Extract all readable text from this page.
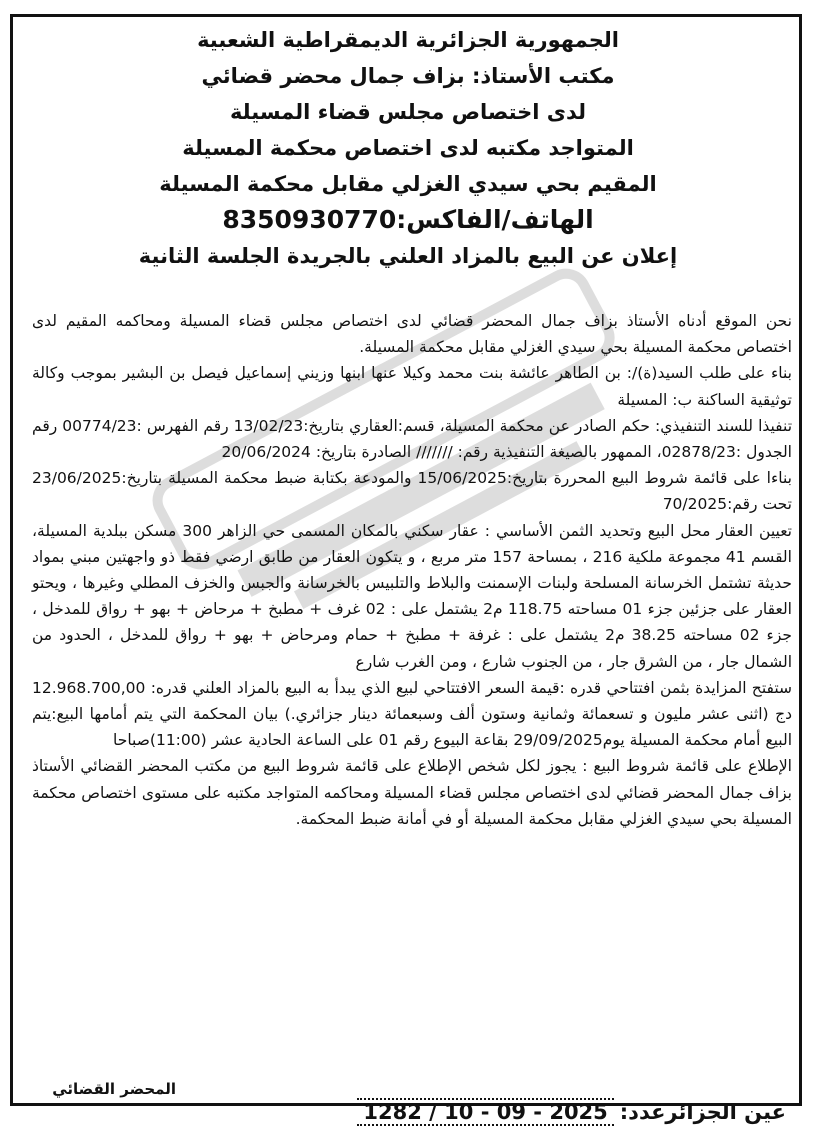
الجمهورية الجزائرية الديمقراطية الشعبية
مكتب الأستاذ: بزاف جمال محضر قضائي
لدى اختصاص مجلس قضاء المسيلة
المتواجد مكتبه لدى اختصاص محكمة المسيلة
المقيم بحي سيدي الغزلي مقابل محكمة المسيلة
الهاتف/الفاكس:8350930770
إعلان عن البيع بالمزاد العلني بالجريدة الجلسة الثانية

نحن الموقع أدناه الأستاذ بزاف جمال المحضر قضائي لدى اختصاص مجلس قضاء المسيلة ومحاكمه المقيم لدى اختصاص محكمة المسيلة بحي سيدي الغزلي مقابل محكمة المسيلة.

بناء على طلب السيد(ة)/: بن الطاهر عائشة بنت محمد وكيلا عنها ابنها وزيني إسماعيل فيصل بن البشير بموجب وكالة توثيقية الساكنة ب: المسيلة

تنفيذا للسند التنفيذي: حكم الصادر عن محكمة المسيلة، قسم:العقاري بتاريخ:13/02/23 رقم الفهرس :00774/23 رقم الجدول :02878/23، الممهور بالصيغة التنفيذية رقم: /////// الصادرة بتاريخ: 20/06/2024

بناءا على قائمة شروط البيع المحررة بتاريخ:15/06/2025 والمودعة بكتابة ضبط محكمة المسيلة بتاريخ:23/06/2025 تحت رقم:70/2025

تعيين العقار محل البيع وتحديد الثمن الأساسي : عقار سكني بالمكان المسمى حي الزاهر 300 مسكن ببلدية المسيلة، القسم 41 مجموعة ملكية 216 ، بمساحة 157 متر مربع ، و يتكون العقار من طابق ارضي فقط ذو واجهتين مبني بمواد حديثة تشتمل الخرسانة المسلحة ولبنات الإسمنت والبلاط والتلبيس بالخرسانة والجبس والخزف المطلي وغيرها ، ويحتو العقار على جزئين جزء 01 مساحته 118.75 م2 يشتمل على : 02 غرف + مطبخ + مرحاض + بهو + رواق للمدخل ، جزء 02 مساحته 38.25 م2 يشتمل على : غرفة + مطبخ + حمام ومرحاض + بهو + رواق للمدخل ، الحدود من الشمال جار ، من الشرق جار ، من الجنوب شارع ، ومن الغرب شارع

ستفتح المزايدة بثمن افتتاحي قدره :قيمة السعر الافتتاحي لبيع الذي يبدأ به البيع بالمزاد العلني قدره: 12.968.700,00 دج (اثنى عشر مليون و تسعمائة وثمانية وستون ألف وسبعمائة دينار جزائري.) بيان المحكمة التي يتم أمامها البيع:يتم البيع أمام محكمة المسيلة يوم29/09/2025 بقاعة البيوع رقم 01 على الساعة الحادية عشر (11:00)صباحا

الإطلاع على قائمة شروط البيع : يجوز لكل شخص الإطلاع على قائمة شروط البيع من مكتب المحضر القضائي الأستاذ بزاف جمال المحضر قضائي لدى اختصاص مجلس قضاء المسيلة ومحاكمه المتواجد مكتبه على مستوى اختصاص محكمة المسيلة بحي سيدي الغزلي مقابل محكمة المسيلة أو في أمانة ضبط المحكمة.

المحضر القضائي
عين الجزائرعدد:2025 - 09 - 10 / 1282
